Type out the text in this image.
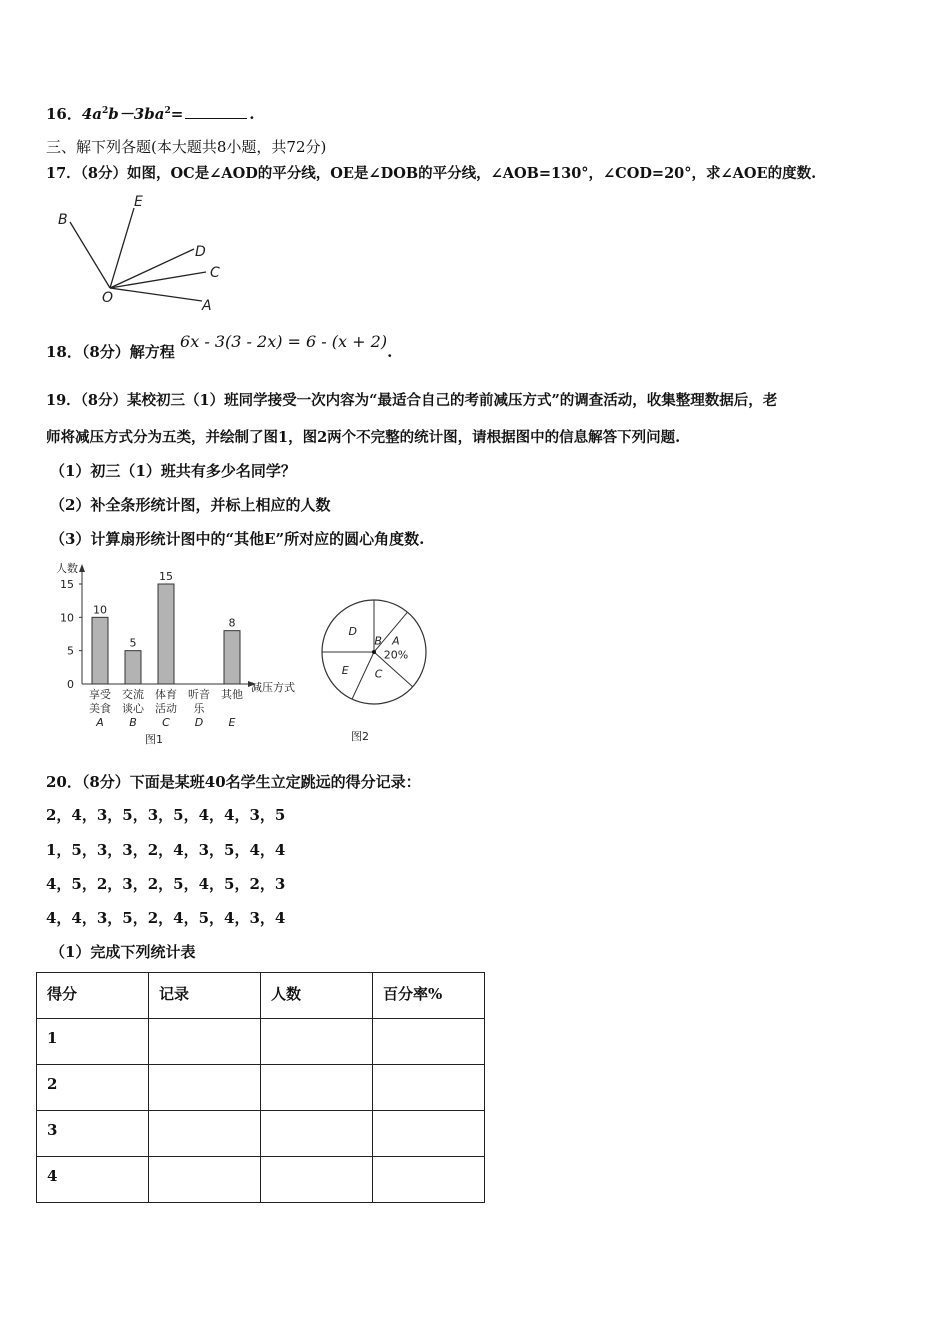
16．$4a^2b-3ba^2=$	.
三、解下列各题(本大题共8小题，共72分)
17．（8分）如图，OC是∠AOD的平分线，OE是∠DOB的平分线，∠AOB=130°，∠COD=20°，求∠AOE的度数.
B
E
D
C
O	A
18．（8分）解方程 6x - 3(3 - 2x) = 6 - (x + 2).
19．（8分）某校初三（1）班同学接受一次内容为“最适合自己的考前减压方式”的调查活动，收集整理数据后，老
师将减压方式分为五类，并绘制了图1，图2两个不完整的统计图，请根据图中的信息解答下列问题.
（1）初三（1）班共有多少名同学？
（2）补全条形统计图，并标上相应的人数
（3）计算扇形统计图中的“其他E”所对应的圆心角度数.
人数
减压方式
图1
0
5
10
15
10
5
15
8
享受
美食
A
交流
谈心
B
体育
活动
C
听音
乐
D
其他
E
A
20%
B
C
D
E
图2
20．（8分）下面是某班40名学生立定跳远的得分记录：
2，4，3，5，3，5，4，4，3，5
1，5，3，3，2，4，3，5，4，4
4，5，2，3，2，5，4，5，2，3
4，4，3，5，2，4，5，4，3，4
（1）完成下列统计表
得分	记录	人数	百分率%
1			
2			
3			
4			
